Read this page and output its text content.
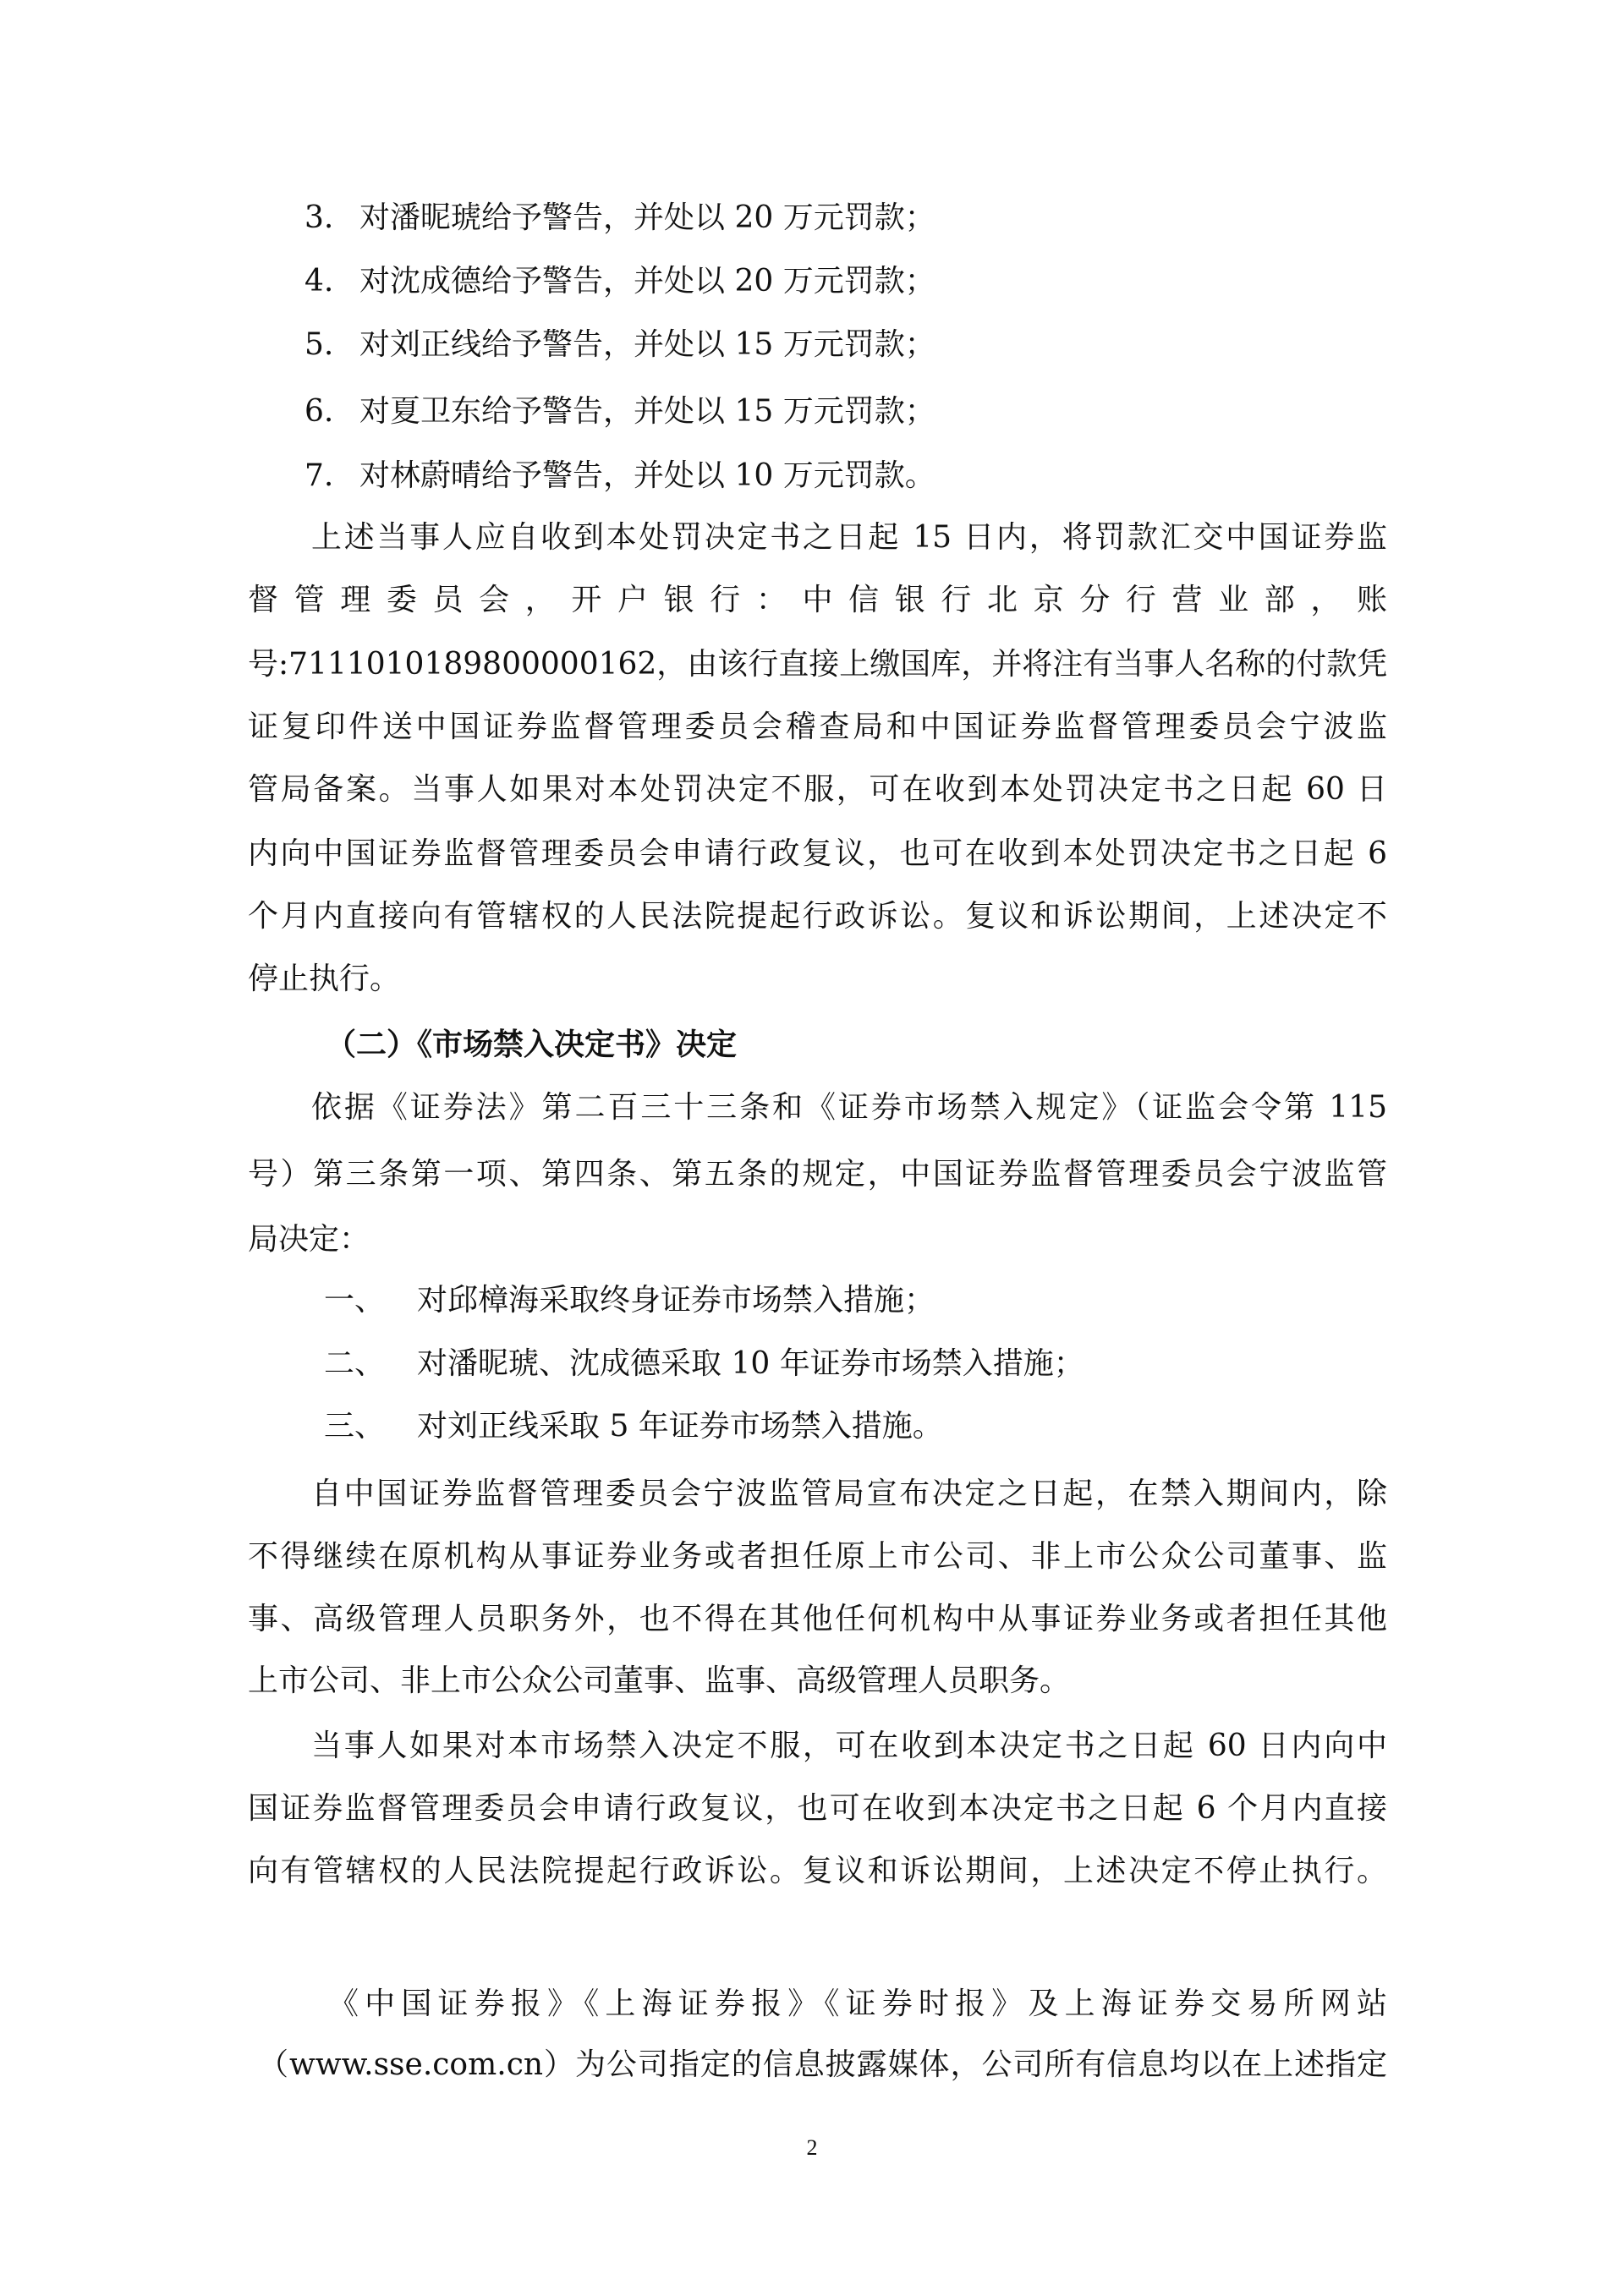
3. 对潘昵琥给予警告，并处以 20 万元罚款；
4. 对沈成德给予警告，并处以 20 万元罚款；
5. 对刘正线给予警告，并处以 15 万元罚款；
6. 对夏卫东给予警告，并处以 15 万元罚款；
7. 对林蔚晴给予警告，并处以 10 万元罚款。
上述当事人应自收到本处罚决定书之日起 15 日内，将罚款汇交中国证券监
督 管 理 委 员 会 ， 开 户 银 行 ： 中 信 银 行 北 京 分 行 营 业 部 ， 账
号:7111010189800000162，由该行直接上缴国库，并将注有当事人名称的付款凭
证复印件送中国证券监督管理委员会稽查局和中国证券监督管理委员会宁波监
管局备案。当事人如果对本处罚决定不服，可在收到本处罚决定书之日起 60 日
内向中国证券监督管理委员会申请行政复议，也可在收到本处罚决定书之日起 6
个月内直接向有管辖权的人民法院提起行政诉讼。复议和诉讼期间，上述决定不
停止执行。
（二）《市场禁入决定书》决定
依据《证券法》第二百三十三条和《证券市场禁入规定》（证监会令第 115
号）第三条第一项、第四条、第五条的规定，中国证券监督管理委员会宁波监管
局决定：
一、 对邱樟海采取终身证券市场禁入措施；
二、 对潘昵琥、沈成德采取 10 年证券市场禁入措施；
三、 对刘正线采取 5 年证券市场禁入措施。
自中国证券监督管理委员会宁波监管局宣布决定之日起，在禁入期间内，除
不得继续在原机构从事证券业务或者担任原上市公司、非上市公众公司董事、监
事、高级管理人员职务外，也不得在其他任何机构中从事证券业务或者担任其他
上市公司、非上市公众公司董事、监事、高级管理人员职务。
当事人如果对本市场禁入决定不服，可在收到本决定书之日起 60 日内向中
国证券监督管理委员会申请行政复议，也可在收到本决定书之日起 6 个月内直接
向有管辖权的人民法院提起行政诉讼。复议和诉讼期间，上述决定不停止执行。
《中国证券报》《上海证券报》《证券时报》及上海证券交易所网站
（www.sse.com.cn）为公司指定的信息披露媒体，公司所有信息均以在上述指定
2
